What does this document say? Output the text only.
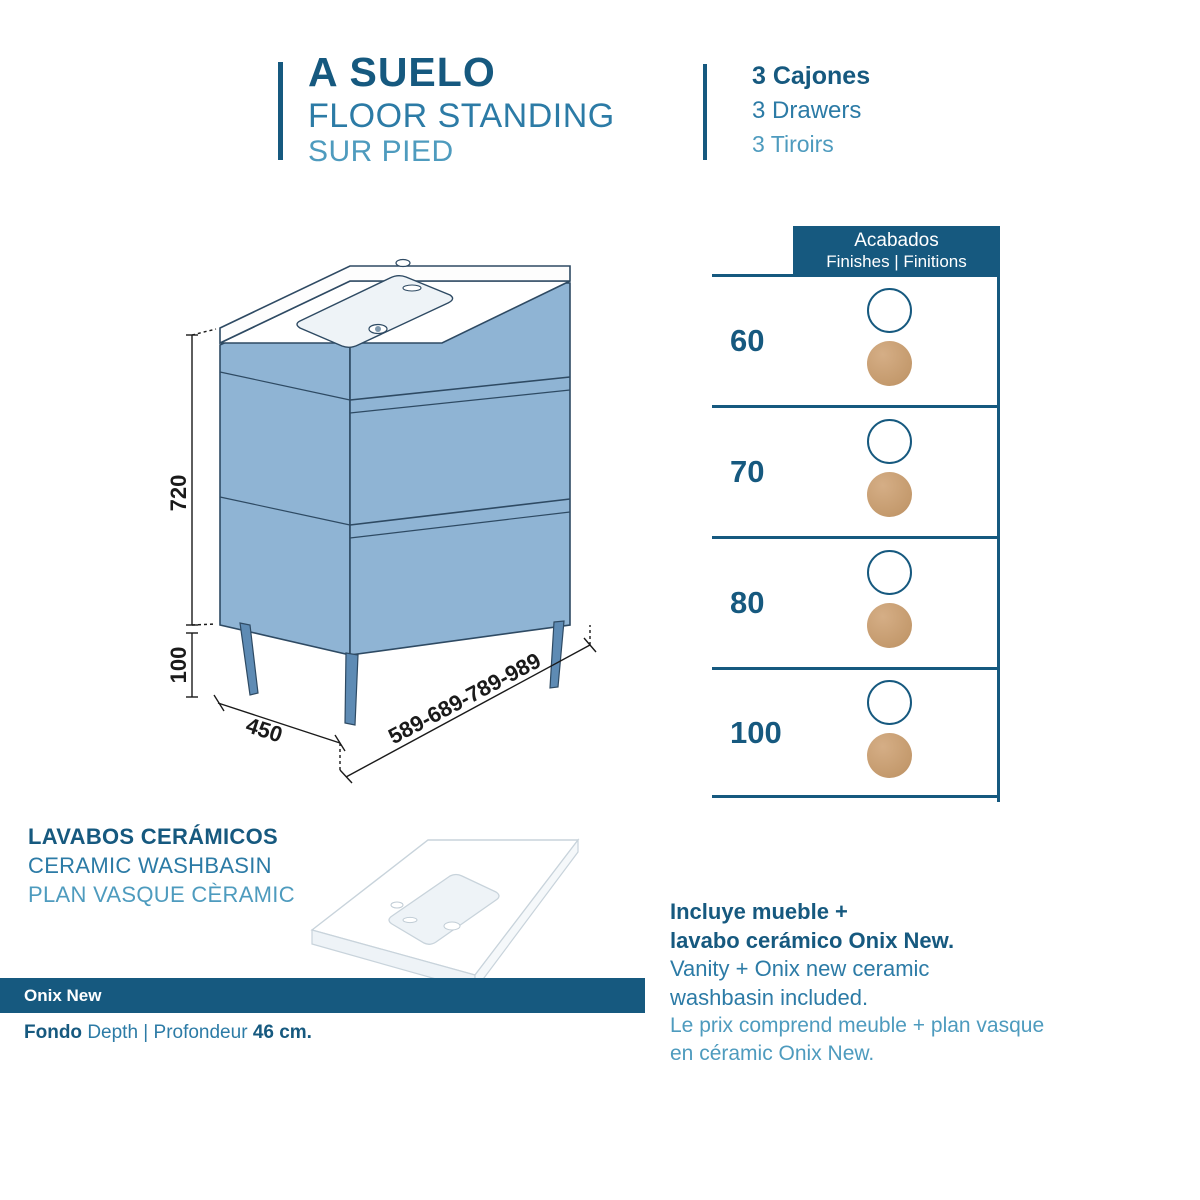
A SUELO

FLOOR STANDING

SUR PIED

3 Cajones

3 Drawers

3 Tiroirs

720
100
450	589-689-789-989
Acabados
Finishes | Finitions
60
70
80
100

LAVABOS CERÁMICOS

CERAMIC WASHBASIN

PLAN VASQUE CÈRAMIC

Onix New
Fondo Depth | Profondeur 46 cm.

Incluye mueble +

lavabo cerámico Onix New.

Vanity + Onix new ceramic

washbasin included.

Le prix comprend meuble + plan vasque

en céramic Onix New.
